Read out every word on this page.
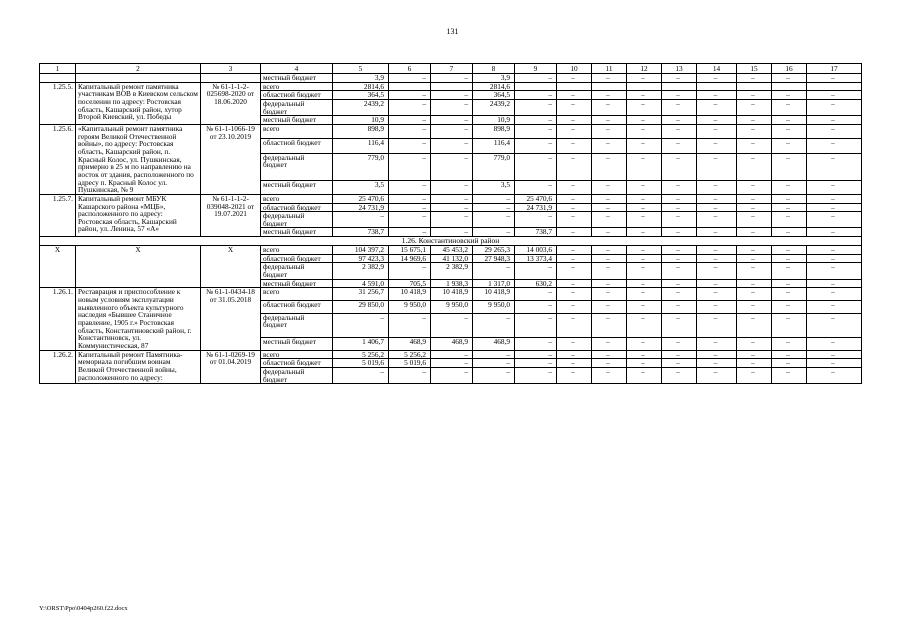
131
1	2	3	4	5	6	7	8	9	10	11	12	13	14	15	16	17
			местный бюджет	3,9	–	–	3,9	–	–	–	–	–	–	–	–	–
1.25.5.	Капитальный ремонт памятника участникам ВОВ в Киевском сельском поселении по адресу: Ростовская область, Кашарский район, хутор Второй Киевский, ул. Победы	№ 61-1-1-2-025698-2020 от 18.06.2020	всего	2814,6			2814,6									
			областной бюджет	364,5	–	–	364,5	–	–	–	–	–	–	–	–	–
			федеральный бюджет	2439,2	–	–	2439,2	–	–	–	–	–	–	–	–	–
			местный бюджет	10,9	–	–	10,9	–	–	–	–	–	–	–	–	–
1.25.6.	«Капитальный ремонт памятника героям Великой Отечественной войны», по адресу: Ростовская область, Кашарский район, п. Красный Колос, ул. Пушкинская, примерно в 25 м по направлению на восток от здания, расположенного по адресу п. Красный Колос ул. Пушкинская, № 9	№ 61-1-1066-19 от 23.10.2019	всего	898,9	–	–	898,9	–	–	–	–	–	–	–	–	–
			областной бюджет	116,4	–	–	116,4	–	–	–	–	–	–	–	–	–
			федеральный бюджет	779,0	–	–	779,0	–	–	–	–	–	–	–	–	–
			местный бюджет	3,5	–	–	3,5	–	–	–	–	–	–	–	–	–
1.25.7.	Капитальный ремонт МБУК Кашарского района «МЦБ», расположенного по адресу: Ростовская область, Кашарский район, ул. Ленина, 57 «А»	№ 61-1-1-2-039048-2021 от 19.07.2021	всего	25 470,6	–	–	–	25 470,6	–	–	–	–	–	–	–	–
			областной бюджет	24 731,9	–	–	–	24 731,9	–	–	–	–	–	–	–	–
			федеральный бюджет	–	–	–	–	–	–	–	–	–	–	–	–	–
			местный бюджет	738,7	–	–	–	738,7	–	–	–	–	–	–	–	–
1.26. Константиновский район																
Х	Х	Х	всего	104 397,2	15 675,1	45 453,2	29 265,3	14 003,6	–	–	–	–	–	–	–	–
			областной бюджет	97 423,3	14 969,6	41 132,0	27 948,3	13 373,4	–	–	–	–	–	–	–	–
			федеральный бюджет	2 382,9	–	2 382,9	–	–	–	–	–	–	–	–	–	–
			местный бюджет	4 591,0	705,5	1 938,3	1 317,0	630,2	–	–	–	–	–	–	–	–
1.26.1.	Реставрация и приспособление к новым условиям эксплуатации выявленного объекта культурного наследия «Бывшее Станичное правление, 1905 г.» Ростовская область, Константиновский район, г. Константиновск, ул. Коммунистическая, 87	№ 61-1-0434-18 от 31.05.2018	всего	31 256,7	10 418,9	10 418,9	10 418,9	–	–	–	–	–	–	–	–	–
			областной бюджет	29 850,0	9 950,0	9 950,0	9 950,0	–	–	–	–	–	–	–	–	–
			федеральный бюджет	–	–	–	–	–	–	–	–	–	–	–	–	–
			местный бюджет	1 406,7	468,9	468,9	468,9	–	–	–	–	–	–	–	–	–
1.26.2.	Капитальный ремонт Памятника-мемориала погибшим воинам Великой Отечественной войны, расположенного по адресу:	№ 61-1-0269-19 от 01.04.2019	всего	5 256,2	5 256,2	–	–	–	–	–	–	–	–	–	–	–
			областной бюджет	5 019,6	5 019,6	–	–	–	–	–	–	–	–	–	–	–
			федеральный бюджет	–	–	–	–	–	–	–	–	–	–	–	–	–
Y:\ORST\Ppo\0404p260.f22.docx
